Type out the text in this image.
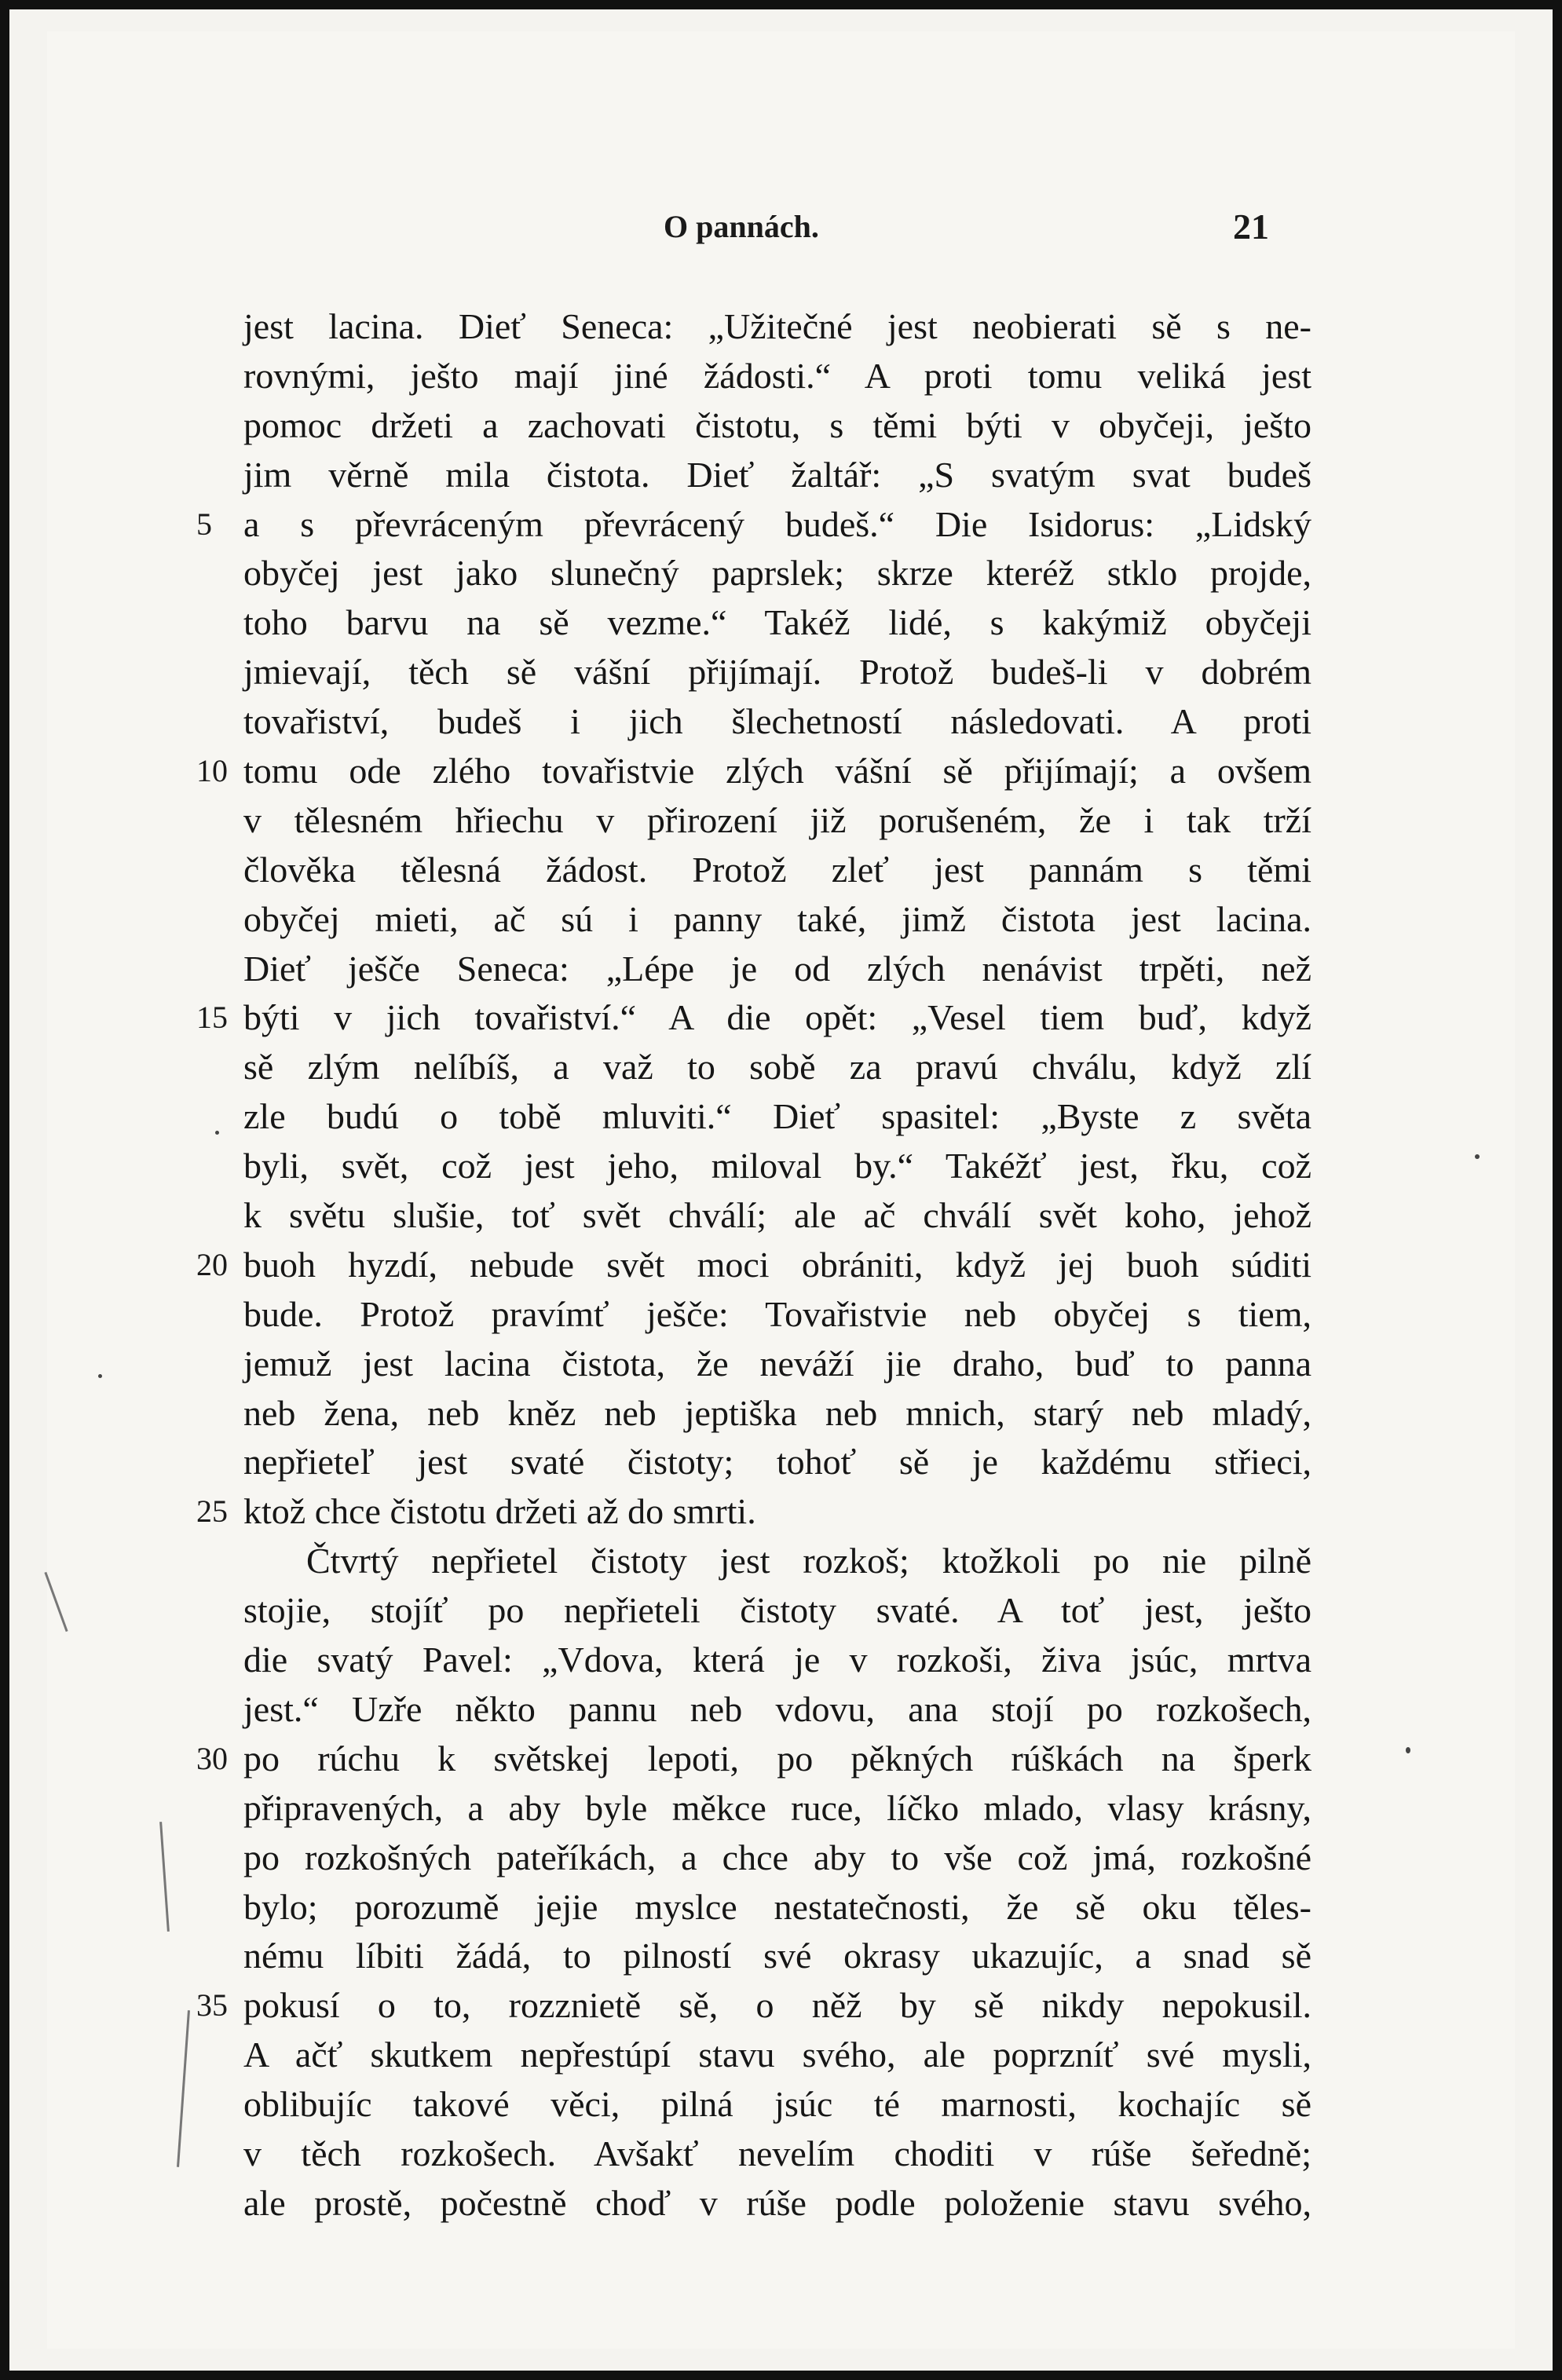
O pannách.	21
jest lacina. Dieť Seneca: „Užitečné jest neobierati sě s ne-
rovnými, ješto mají jiné žádosti.“ A proti tomu veliká jest
pomoc držeti a zachovati čistotu, s těmi býti v obyčeji, ješto
jim věrně mila čistota. Dieť žaltář: „S svatým svat budeš
a s převráceným převrácený budeš.“ Die Isidorus: „Lidský
5
obyčej jest jako slunečný paprslek; skrze kteréž stklo projde,
toho barvu na sě vezme.“ Takéž lidé, s kakýmiž obyčeji
jmievají, těch sě vášní přijímají. Protož budeš-li v dobrém
tovařiství, budeš i jich šlechetností následovati. A proti
tomu ode zlého tovařistvie zlých vášní sě přijímají; a ovšem
10
v tělesném hřiechu v přirození již porušeném, že i tak trží
člověka tělesná žádost. Protož zleť jest pannám s těmi
obyčej mieti, ač sú i panny také, jimž čistota jest lacina.
Dieť ješče Seneca: „Lépe je od zlých nenávist trpěti, než
býti v jich tovařiství.“ A die opět: „Vesel tiem buď, když
15
sě zlým nelíbíš, a važ to sobě za pravú chválu, když zlí
zle budú o tobě mluviti.“ Dieť spasitel: „Byste z světa
byli, svět, což jest jeho, miloval by.“ Takéžť jest, řku, což
k světu slušie, toť svět chválí; ale ač chválí svět koho, jehož
buoh hyzdí, nebude svět moci obrániti, když jej buoh súditi
20
bude. Protož pravímť ješče: Tovařistvie neb obyčej s tiem,
jemuž jest lacina čistota, že neváží jie draho, buď to panna
neb žena, neb kněz neb jeptiška neb mnich, starý neb mladý,
nepřieteľ jest svaté čistoty; tohoť sě je každému střieci,
ktož chce čistotu držeti až do smrti.
25
Čtvrtý nepřietel čistoty jest rozkoš; ktožkoli po nie pilně
stojie, stojíť po nepřieteli čistoty svaté. A toť jest, ješto
die svatý Pavel: „Vdova, která je v rozkoši, živa jsúc, mrtva
jest.“ Uzře někto pannu neb vdovu, ana stojí po rozkošech,
po rúchu k světskej lepoti, po pěkných rúškách na šperk
30
připravených, a aby byle měkce ruce, líčko mlado, vlasy krásny,
po rozkošných pateříkách, a chce aby to vše což jmá, rozkošné
bylo; porozumě jejie myslce nestatečnosti, že sě oku těles-
nému líbiti žádá, to pilností své okrasy ukazujíc, a snad sě
pokusí o to, rozznietě sě, o něž by sě nikdy nepokusil.
35
A ačť skutkem nepřestúpí stavu svého, ale poprzníť své mysli,
oblibujíc takové věci, pilná jsúc té marnosti, kochajíc sě
v těch rozkošech. Avšakť nevelím choditi v rúše šeředně;
ale prostě, počestně choď v rúše podle položenie stavu svého,
